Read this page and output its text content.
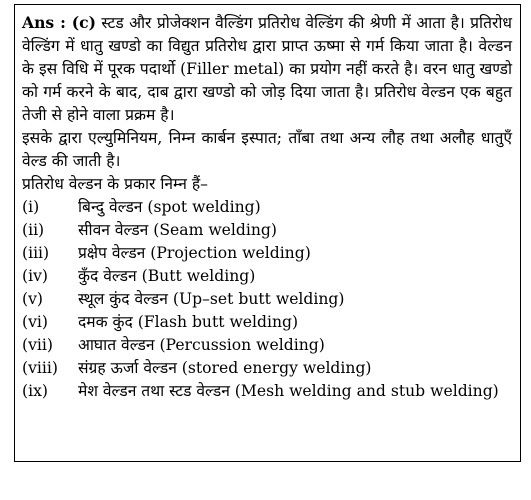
Ans : (c) स्टड और प्रोजेक्शन वैल्डिंग प्रतिरोध वेल्डिंग की श्रेणी में आता है। प्रतिरोध वेल्डिंग में धातु खण्डो का विद्युत प्रतिरोध द्वारा प्राप्त ऊष्मा से गर्म किया जाता है। वेल्डन के इस विधि में पूरक पदार्थो (Filler metal) का प्रयोग नहीं करते है। वरन धातु खण्डो को गर्म करने के बाद, दाब द्वारा खण्डो को जोड़ दिया जाता है। प्रतिरोध वेल्डन एक बहुत तेजी से होने वाला प्रक्रम है।

इसके द्वारा एल्युमिनियम, निम्न कार्बन इस्पात; ताँबा तथा अन्य लौह तथा अलौह धातुएँ वेल्ड की जाती है।

प्रतिरोध वेल्डन के प्रकार निम्न हैं–

(i)	बिन्दु वेल्डन (spot welding)
(ii)	सीवन वेल्डन (Seam welding)
(iii)	प्रक्षेप वेल्डन (Projection welding)
(iv)	कुँद वेल्डन (Butt welding)
(v)	स्थूल कुंद वेल्डन (Up–set butt welding)
(vi)	दमक कुंद (Flash butt welding)
(vii)	आघात वेल्डन (Percussion welding)
(viii)	संग्रह ऊर्जा वेल्डन (stored energy welding)
(ix)	मेश वेल्डन तथा स्टड वेल्डन (Mesh welding and stub welding)
